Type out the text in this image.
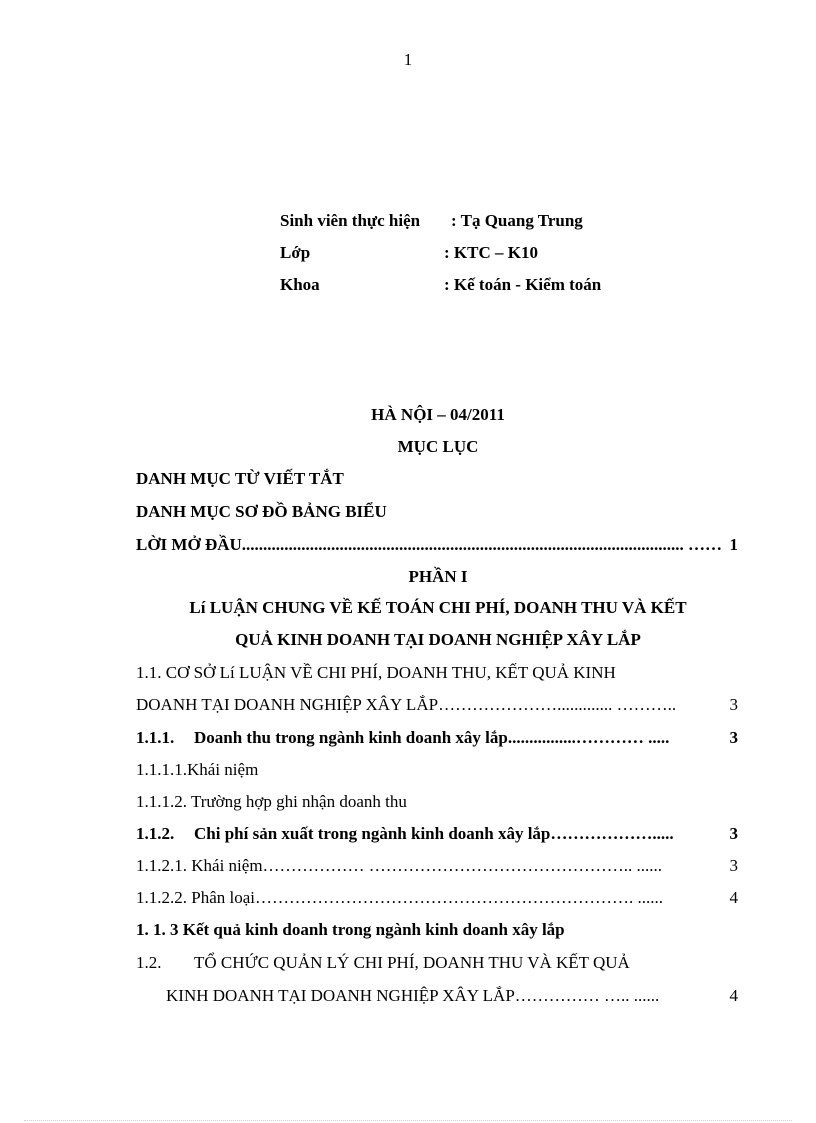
1
Sinh viên thực hiện : Tạ Quang Trung
Lớp	: KTC – K10
Khoa	: Kế toán - Kiểm toán
HÀ NỘI – 04/2011
MỤC LỤC
DANH MỤC TỪ VIẾT TẮT
DANH MỤC SƠ ĐỒ BẢNG BIỂU
LỜI MỞ ĐẦU ........................................................................................................ …… 1
PHẦN I
Lí LUẬN CHUNG VỀ KẾ TOÁN CHI PHÍ, DOANH THU VÀ KẾT
QUẢ KINH DOANH TẠI DOANH NGHIỆP XÂY LẮP
1.1. CƠ SỞ Lí LUẬN VỀ CHI PHÍ, DOANH THU, KẾT QUẢ KINH
DOANH TẠI DOANH NGHIỆP XÂY LẮP …………………............. ………..	3
1.1.1.	Doanh thu trong ngành kinh doanh xây lắp ................………… .....	3
1.1.1.1.Khái niệm
1.1.1.2. Trường hợp ghi nhận doanh thu
1.1.2.	Chi phí sản xuất trong ngành kinh doanh xây lắp ……………….....	3
1.1.2.1. Khái niệm ……………… ……………………………………….. ......	3
1.1.2.2. Phân loại …………………………………………………………. ......	4
1. 1. 3 Kết quả kinh doanh trong ngành kinh doanh xây lắp
1.2. TỔ CHỨC QUẢN LÝ CHI PHÍ, DOANH THU VÀ KẾT QUẢ
KINH DOANH TẠI DOANH NGHIỆP XÂY LẮP …………… ….. ......	4
